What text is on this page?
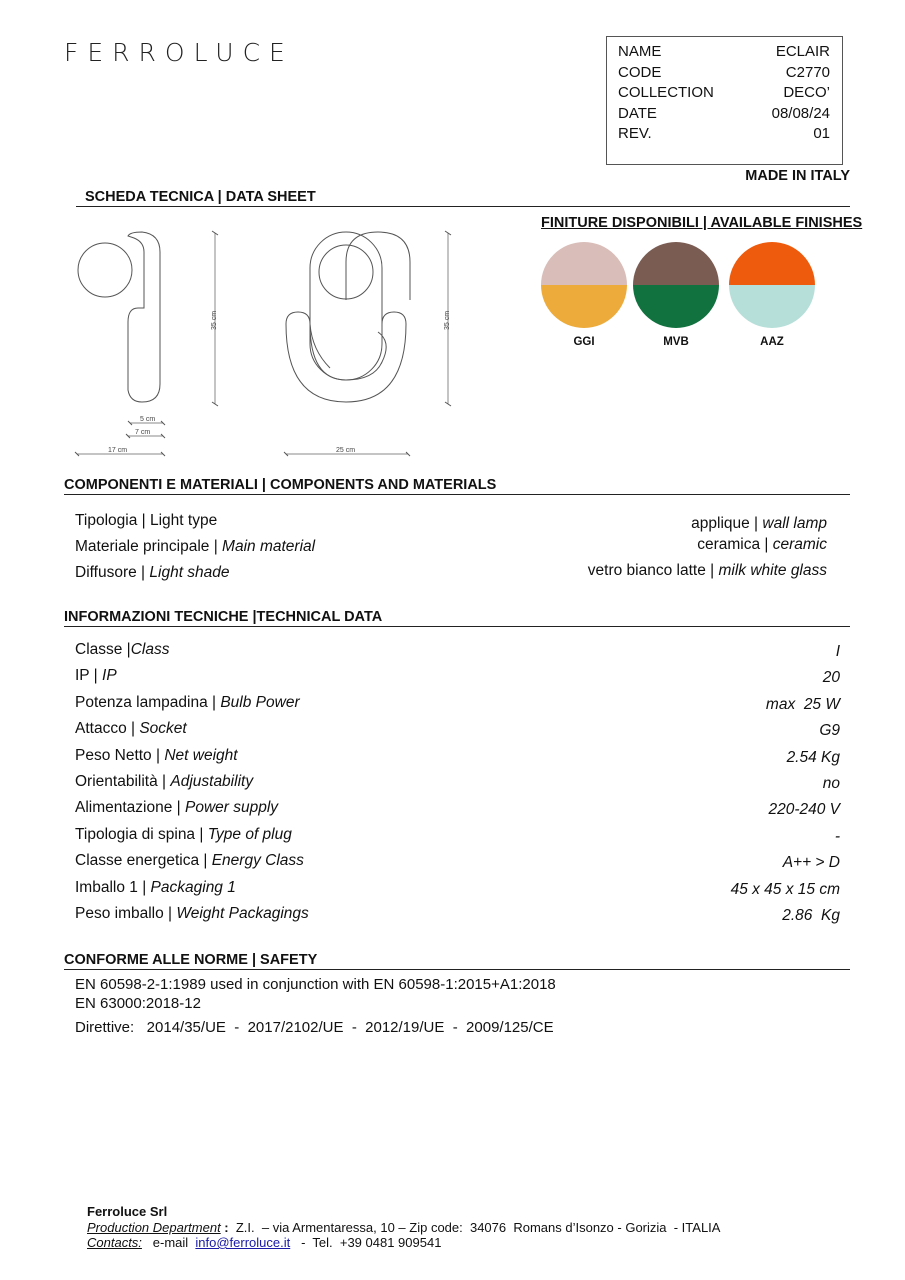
FERROLUCE	NAME	ECLAIR
CODE	C2770
COLLECTION	DECO’
DATE	08/08/24
REV.	01
MADE IN ITALY
SCHEDA TECNICA | DATA SHEET
35 cm	35 cm
5 cm
7 cm
17 cm	25 cm
FINITURE DISPONIBILI | AVAILABLE FINISHES
GGI	MVB	AAZ
COMPONENTI E MATERIALI | COMPONENTS AND MATERIALS
Tipologia | Light type	applique | wall lamp
Materiale principale | Main material	ceramica | ceramic
Diffusore | Light shade	vetro bianco latte | milk white glass
INFORMAZIONI TECNICHE |TECHNICAL DATA
Classe |Class	I
IP | IP	20
Potenza lampadina | Bulb Power	max  25 W
Attacco | Socket	G9
Peso Netto | Net weight	2.54 Kg
Orientabilità | Adjustability	no
Alimentazione | Power supply	220-240 V
Tipologia di spina | Type of plug	-
Classe energetica | Energy Class	A++ > D
Imballo 1 | Packaging 1	45 x 45 x 15 cm
Peso imballo | Weight Packagings	2.86  Kg
CONFORME ALLE NORME | SAFETY
EN 60598-2-1:1989 used in conjunction with EN 60598-1:2015+A1:2018
EN 63000:2018-12
Direttive:   2014/35/UE  -  2017/2102/UE  -  2012/19/UE  -  2009/125/CE
Ferroluce Srl
Production Department :  Z.I.  – via Armentaressa, 10 – Zip code:  34076  Romans d’Isonzo - Gorizia  - ITALIA
Contacts:   e-mail  info@ferroluce.it   -  Tel.  +39 0481 909541
